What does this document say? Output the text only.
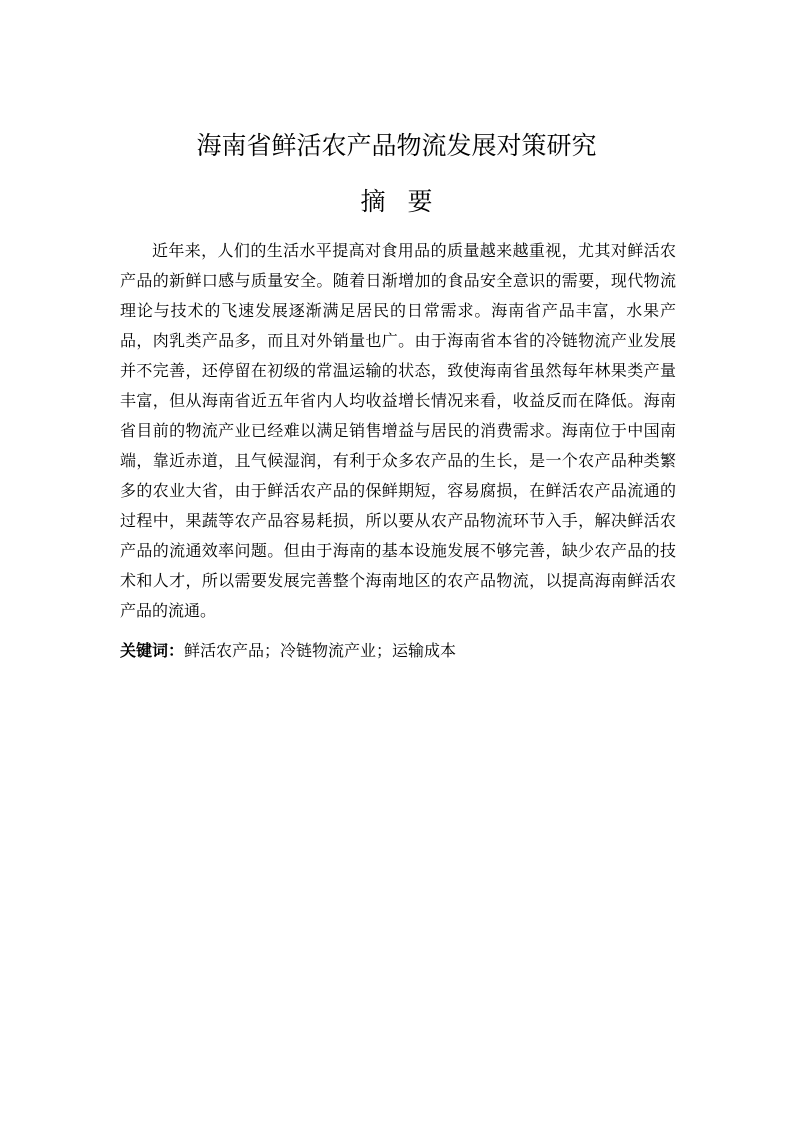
海南省鲜活农产品物流发展对策研究
摘要

近年来，人们的生活水平提高对食用品的质量越来越重视，尤其对鲜活农产品的新鲜口感与质量安全。随着日渐增加的食品安全意识的需要，现代物流理论与技术的飞速发展逐渐满足居民的日常需求。海南省产品丰富，水果产品，肉乳类产品多，而且对外销量也广。由于海南省本省的冷链物流产业发展并不完善，还停留在初级的常温运输的状态，致使海南省虽然每年林果类产量丰富，但从海南省近五年省内人均收益增长情况来看，收益反而在降低。海南省目前的物流产业已经难以满足销售增益与居民的消费需求。海南位于中国南端，靠近赤道，且气候湿润，有利于众多农产品的生长，是一个农产品种类繁多的农业大省，由于鲜活农产品的保鲜期短，容易腐损，在鲜活农产品流通的过程中，果蔬等农产品容易耗损，所以要从农产品物流环节入手，解决鲜活农产品的流通效率问题。但由于海南的基本设施发展不够完善，缺少农产品的技术和人才，所以需要发展完善整个海南地区的农产品物流，以提高海南鲜活农产品的流通。

关键词：鲜活农产品；冷链物流产业；运输成本
